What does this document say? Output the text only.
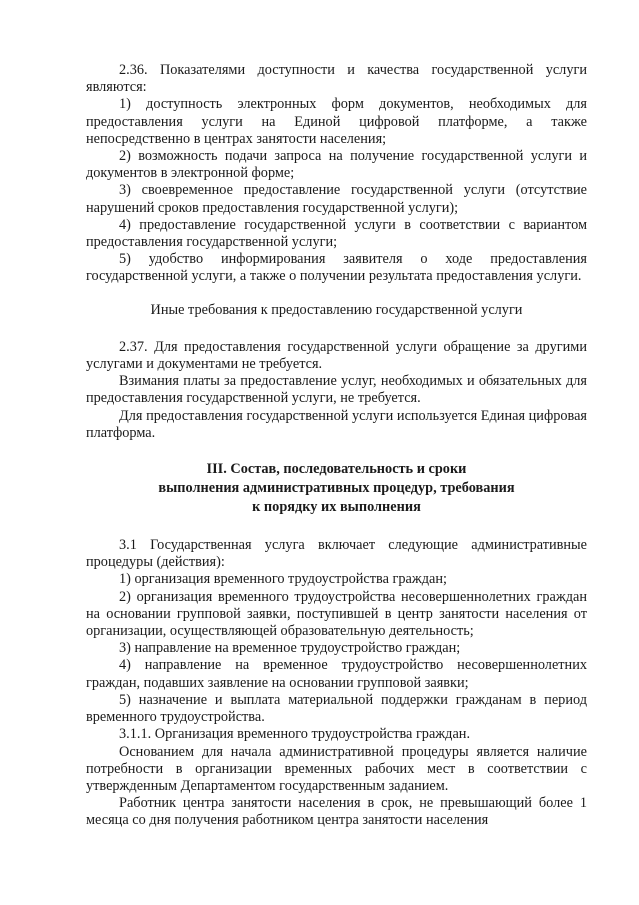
2.36. Показателями доступности и качества государственной услуги являются:

1) доступность электронных форм документов, необходимых для предоставления услуги на Единой цифровой платформе, а также непосредственно в центрах занятости населения;

2) возможность подачи запроса на получение государственной услуги и документов в электронной форме;

3) своевременное предоставление государственной услуги (отсутствие нарушений сроков предоставления государственной услуги);

4) предоставление государственной услуги в соответствии с вариантом предоставления государственной услуги;

5) удобство информирования заявителя о ходе предоставления государственной услуги, а также о получении результата предоставления услуги.

Иные требования к предоставлению государственной услуги

2.37. Для предоставления государственной услуги обращение за другими услугами и документами не требуется.

Взимания платы за предоставление услуг, необходимых и обязательных для предоставления государственной услуги, не требуется.

Для предоставления государственной услуги используется Единая цифровая платформа.

III. Состав, последовательность и сроки
выполнения административных процедур, требования
к порядку их выполнения

3.1 Государственная услуга включает следующие административные процедуры (действия):

1) организация временного трудоустройства граждан;

2) организация временного трудоустройства несовершеннолетних граждан на основании групповой заявки, поступившей в центр занятости населения от организации, осуществляющей образовательную деятельность;

3) направление на временное трудоустройство граждан;

4) направление на временное трудоустройство несовершеннолетних граждан, подавших заявление на основании групповой заявки;

5) назначение и выплата материальной поддержки гражданам в период временного трудоустройства.

3.1.1. Организация временного трудоустройства граждан.

Основанием для начала административной процедуры является наличие потребности в организации временных рабочих мест в соответствии с утвержденным Департаментом государственным заданием.

Работник центра занятости населения в срок, не превышающий более 1 месяца со дня получения работником центра занятости населения
